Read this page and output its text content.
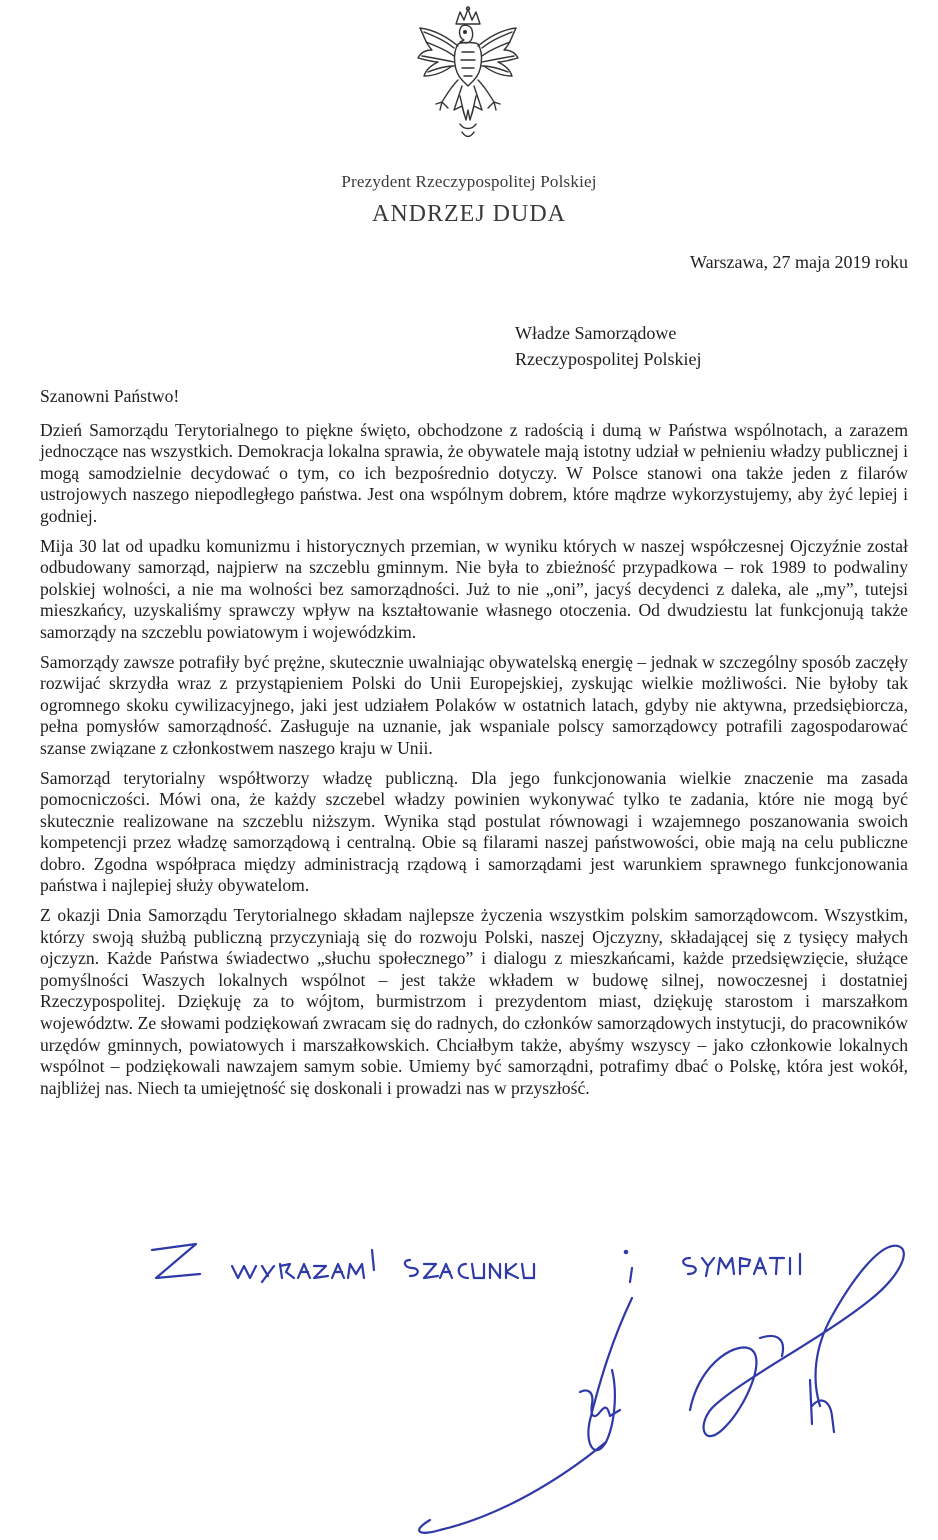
Prezydent Rzeczypospolitej Polskiej
ANDRZEJ DUDA
Warszawa, 27 maja 2019 roku
Władze Samorządowe
Rzeczypospolitej Polskiej

Szanowni Państwo!

Dzień Samorządu Terytorialnego to piękne święto, obchodzone z radością i dumą w Państwa wspólnotach, a zarazem jednoczące nas wszystkich. Demokracja lokalna sprawia, że obywatele mają istotny udział w pełnieniu władzy publicznej i mogą samodzielnie decydować o tym, co ich bezpośrednio dotyczy. W Polsce stanowi ona także jeden z filarów ustrojowych naszego niepodległego państwa. Jest ona wspólnym dobrem, które mądrze wykorzystujemy, aby żyć lepiej i godniej.

Mija 30 lat od upadku komunizmu i historycznych przemian, w wyniku których w naszej współczesnej Ojczyźnie został odbudowany samorząd, najpierw na szczeblu gminnym. Nie była to zbieżność przypadkowa – rok 1989 to podwaliny polskiej wolności, a nie ma wolności bez samorządności. Już to nie „oni”, jacyś decydenci z daleka, ale „my”, tutejsi mieszkańcy, uzyskaliśmy sprawczy wpływ na kształtowanie własnego otoczenia. Od dwudziestu lat funkcjonują także samorządy na szczeblu powiatowym i wojewódzkim.

Samorządy zawsze potrafiły być prężne, skutecznie uwalniając obywatelską energię – jednak w szczególny sposób zaczęły rozwijać skrzydła wraz z przystąpieniem Polski do Unii Europejskiej, zyskując wielkie możliwości. Nie byłoby tak ogromnego skoku cywilizacyjnego, jaki jest udziałem Polaków w ostatnich latach, gdyby nie aktywna, przedsiębiorcza, pełna pomysłów samorządność. Zasługuje na uznanie, jak wspaniale polscy samorządowcy potrafili zagospodarować szanse związane z członkostwem naszego kraju w Unii.

Samorząd terytorialny współtworzy władzę publiczną. Dla jego funkcjonowania wielkie znaczenie ma zasada pomocniczości. Mówi ona, że każdy szczebel władzy powinien wykonywać tylko te zadania, które nie mogą być skutecznie realizowane na szczeblu niższym. Wynika stąd postulat równowagi i wzajemnego poszanowania swoich kompetencji przez władzę samorządową i centralną. Obie są filarami naszej państwowości, obie mają na celu publiczne dobro. Zgodna współpraca między administracją rządową i samorządami jest warunkiem sprawnego funkcjonowania państwa i najlepiej służy obywatelom.

Z okazji Dnia Samorządu Terytorialnego składam najlepsze życzenia wszystkim polskim samorządowcom. Wszystkim, którzy swoją służbą publiczną przyczyniają się do rozwoju Polski, naszej Ojczyzny, składającej się z tysięcy małych ojczyzn. Każde Państwa świadectwo „słuchu społecznego” i dialogu z mieszkańcami, każde przedsięwzięcie, służące pomyślności Waszych lokalnych wspólnot – jest także wkładem w budowę silnej, nowoczesnej i dostatniej Rzeczypospolitej. Dziękuję za to wójtom, burmistrzom i prezydentom miast, dziękuję starostom i marszałkom województw. Ze słowami podziękowań zwracam się do radnych, do członków samorządowych instytucji, do pracowników urzędów gminnych, powiatowych i marszałkowskich. Chciałbym także, abyśmy wszyscy – jako członkowie lokalnych wspólnot – podziękowali nawzajem samym sobie. Umiemy być samorządni, potrafimy dbać o Polskę, która jest wokół, najbliżej nas. Niech ta umiejętność się doskonali i prowadzi nas w przyszłość.
